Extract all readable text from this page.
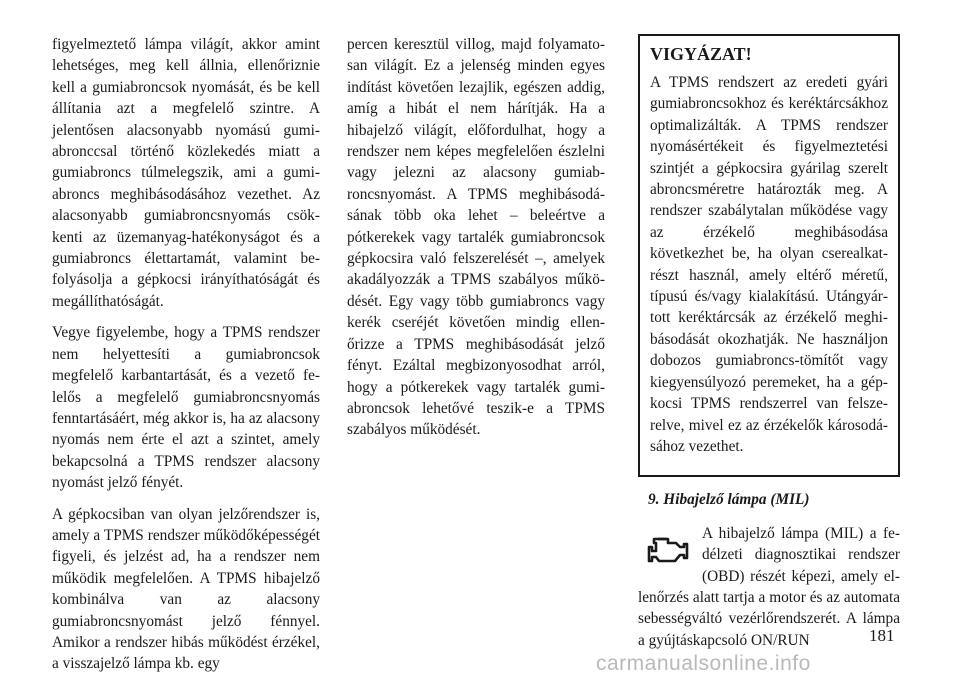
figyelmeztető lámpa világít, akkor amint lehetséges, meg kell állnia, ellenőriznie kell a gumiabroncsok nyomását, és be kell állítania azt a megfelelő szintre. A jelentősen alacsonyabb nyomású gumiabronccsal történő közlekedés miatt a gumiabroncs túlmelegszik, ami a gumiabroncs meghibásodásához vezethet. Az alacsonyabb gumiabroncsnyomás csökkenti az üzemanyag-hatékonyságot és a gumiabroncs élettartamát, valamint befolyásolja a gépkocsi irányíthatóságát és megállíthatóságát.

Vegye figyelembe, hogy a TPMS rendszer nem helyettesíti a gumiabroncsok megfelelő karbantartását, és a vezető felelős a megfelelő gumiabroncsnyomás fenntartásáért, még akkor is, ha az alacsony nyomás nem érte el azt a szintet, amely bekapcsolná a TPMS rendszer alacsony nyomást jelző fényét.

A gépkocsiban van olyan jelzőrendszer is, amely a TPMS rendszer működőképességét figyeli, és jelzést ad, ha a rendszer nem működik megfelelően. A TPMS hibajelző kombinálva van az alacsony gumiabroncsnyomást jelző fénnyel. Amikor a rendszer hibás működést érzékel, a visszajelző lámpa kb. egy

percen keresztül villog, majd folyamatosan világít. Ez a jelenség minden egyes indítást követően lezajlik, egészen addig, amíg a hibát el nem hárítják. Ha a hibajelző világít, előfordulhat, hogy a rendszer nem képes megfelelően észlelni vagy jelezni az alacsony gumiabroncsnyomást. A TPMS meghibásodásának több oka lehet – beleértve a pótkerekek vagy tartalék gumiabroncsok gépkocsira való felszerelését –, amelyek akadályozzák a TPMS szabályos működését. Egy vagy több gumiabroncs vagy kerék cseréjét követően mindig ellenőrizze a TPMS meghibásodását jelző fényt. Ezáltal megbizonyosodhat arról, hogy a pótkerekek vagy tartalék gumiabroncsok lehetővé teszik-e a TPMS szabályos működését.

VIGYÁZAT!

A TPMS rendszert az eredeti gyári gumiabroncsokhoz és keréktárcsákhoz optimalizálták. A TPMS rendszer nyomásértékeit és figyelmeztetési szintjét a gépkocsira gyárilag szerelt abroncsméretre határozták meg. A rendszer szabálytalan működése vagy az érzékelő meghibásodása következhet be, ha olyan cserealkatrészt használ, amely eltérő méretű, típusú és/vagy kialakítású. Utángyártott keréktárcsák az érzékelő meghibásodását okozhatják. Ne használjon dobozos gumiabroncs-tömítőt vagy kiegyensúlyozó peremeket, ha a gépkocsi TPMS rendszerrel van felszerelve, mivel ez az érzékelők károsodásához vezethet.

9. Hibajelző lámpa (MIL)

A hibajelző lámpa (MIL) a fedélzeti diagnosztikai rendszer (OBD) részét képezi, amely ellenőrzés alatt tartja a motor és az automata sebességváltó vezérlőrendszerét. A lámpa a gyújtáskapcsoló ON/RUN	181
carmanualsonline.info
